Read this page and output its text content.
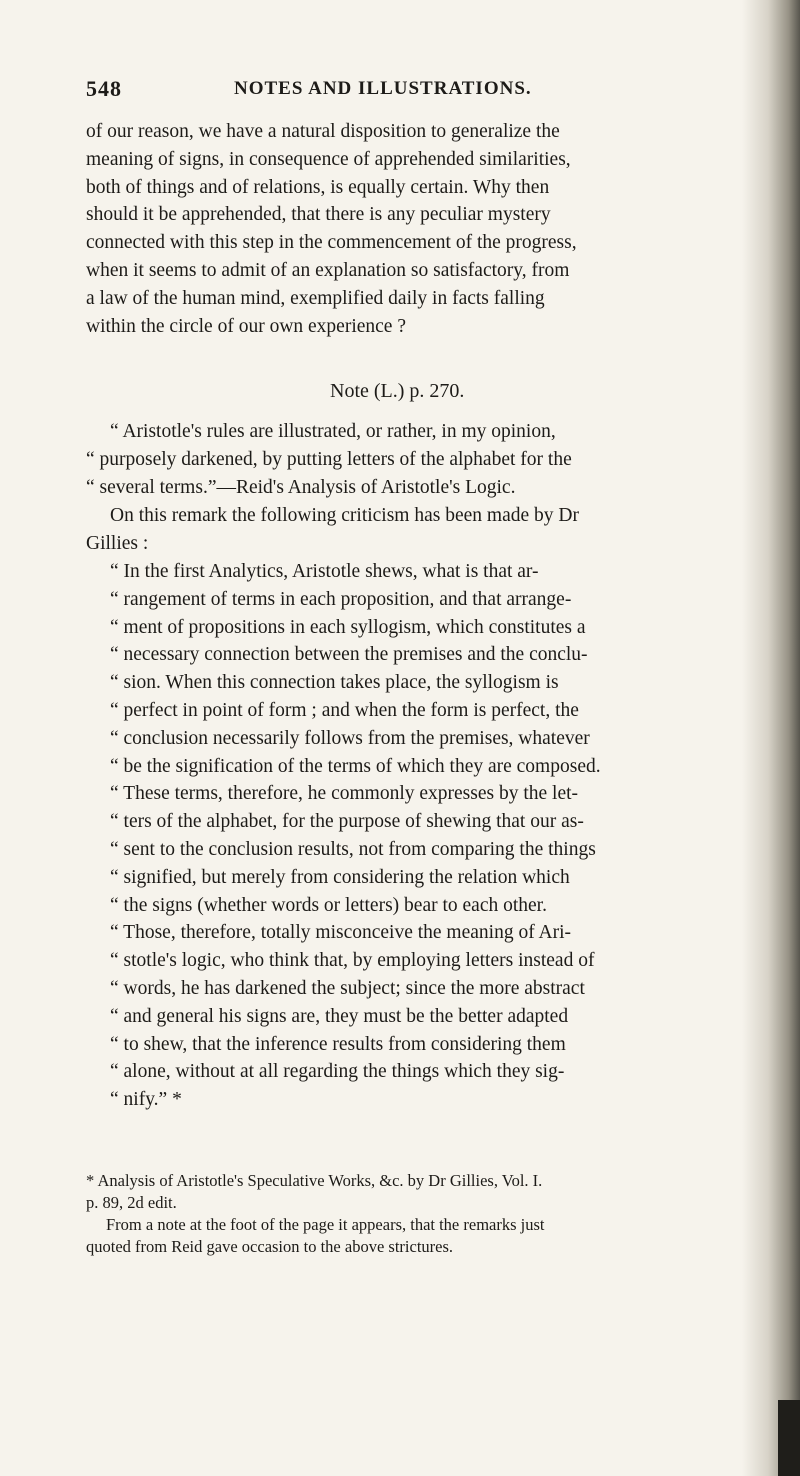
548	NOTES AND ILLUSTRATIONS.
of our reason, we have a natural disposition to generalize the
meaning of signs, in consequence of apprehended similarities,
both of things and of relations, is equally certain. Why then
should it be apprehended, that there is any peculiar mystery
connected with this step in the commencement of the progress,
when it seems to admit of an explanation so satisfactory, from
a law of the human mind, exemplified daily in facts falling
within the circle of our own experience ?
Note (L.) p. 270.
“ Aristotle's rules are illustrated, or rather, in my opinion,
“ purposely darkened, by putting letters of the alphabet for the
“ several terms.”—Reid's Analysis of Aristotle's Logic.
On this remark the following criticism has been made by Dr
Gillies :
“ In the first Analytics, Aristotle shews, what is that ar-
“ rangement of terms in each proposition, and that arrange-
“ ment of propositions in each syllogism, which constitutes a
“ necessary connection between the premises and the conclu-
“ sion. When this connection takes place, the syllogism is
“ perfect in point of form ; and when the form is perfect, the
“ conclusion necessarily follows from the premises, whatever
“ be the signification of the terms of which they are composed.
“ These terms, therefore, he commonly expresses by the let-
“ ters of the alphabet, for the purpose of shewing that our as-
“ sent to the conclusion results, not from comparing the things
“ signified, but merely from considering the relation which
“ the signs (whether words or letters) bear to each other.
“ Those, therefore, totally misconceive the meaning of Ari-
“ stotle's logic, who think that, by employing letters instead of
“ words, he has darkened the subject; since the more abstract
“ and general his signs are, they must be the better adapted
“ to shew, that the inference results from considering them
“ alone, without at all regarding the things which they sig-
“ nify.” *
* Analysis of Aristotle's Speculative Works, &c. by Dr Gillies, Vol. I.
p. 89, 2d edit.
From a note at the foot of the page it appears, that the remarks just
quoted from Reid gave occasion to the above strictures.
